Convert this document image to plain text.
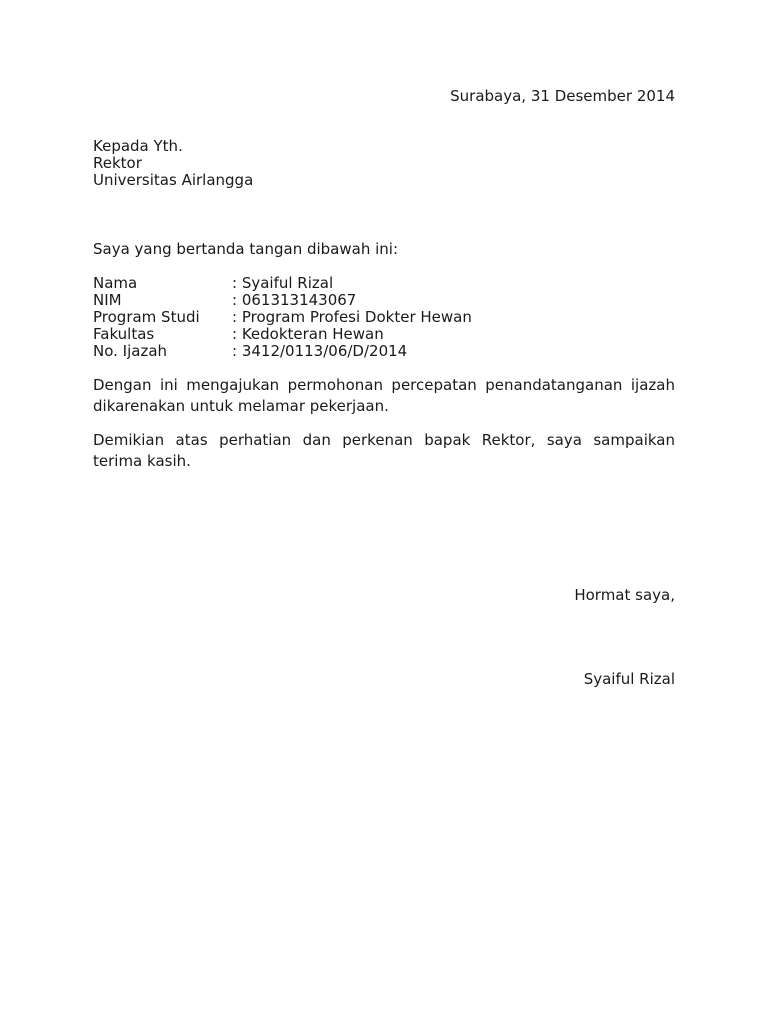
Surabaya, 31 Desember 2014
Kepada Yth.
Rektor
Universitas Airlangga
Saya yang bertanda tangan dibawah ini:
Nama	: Syaiful Rizal
NIM	: 061313143067
Program Studi : Program Profesi Dokter Hewan
Fakultas	: Kedokteran Hewan
No. Ijazah	: 3412/0113/06/D/2014
Dengan ini mengajukan permohonan percepatan penandatanganan ijazah dikarenakan untuk melamar pekerjaan.
Demikian atas perhatian dan perkenan bapak Rektor, saya sampaikan terima kasih.
Hormat saya,
Syaiful Rizal
